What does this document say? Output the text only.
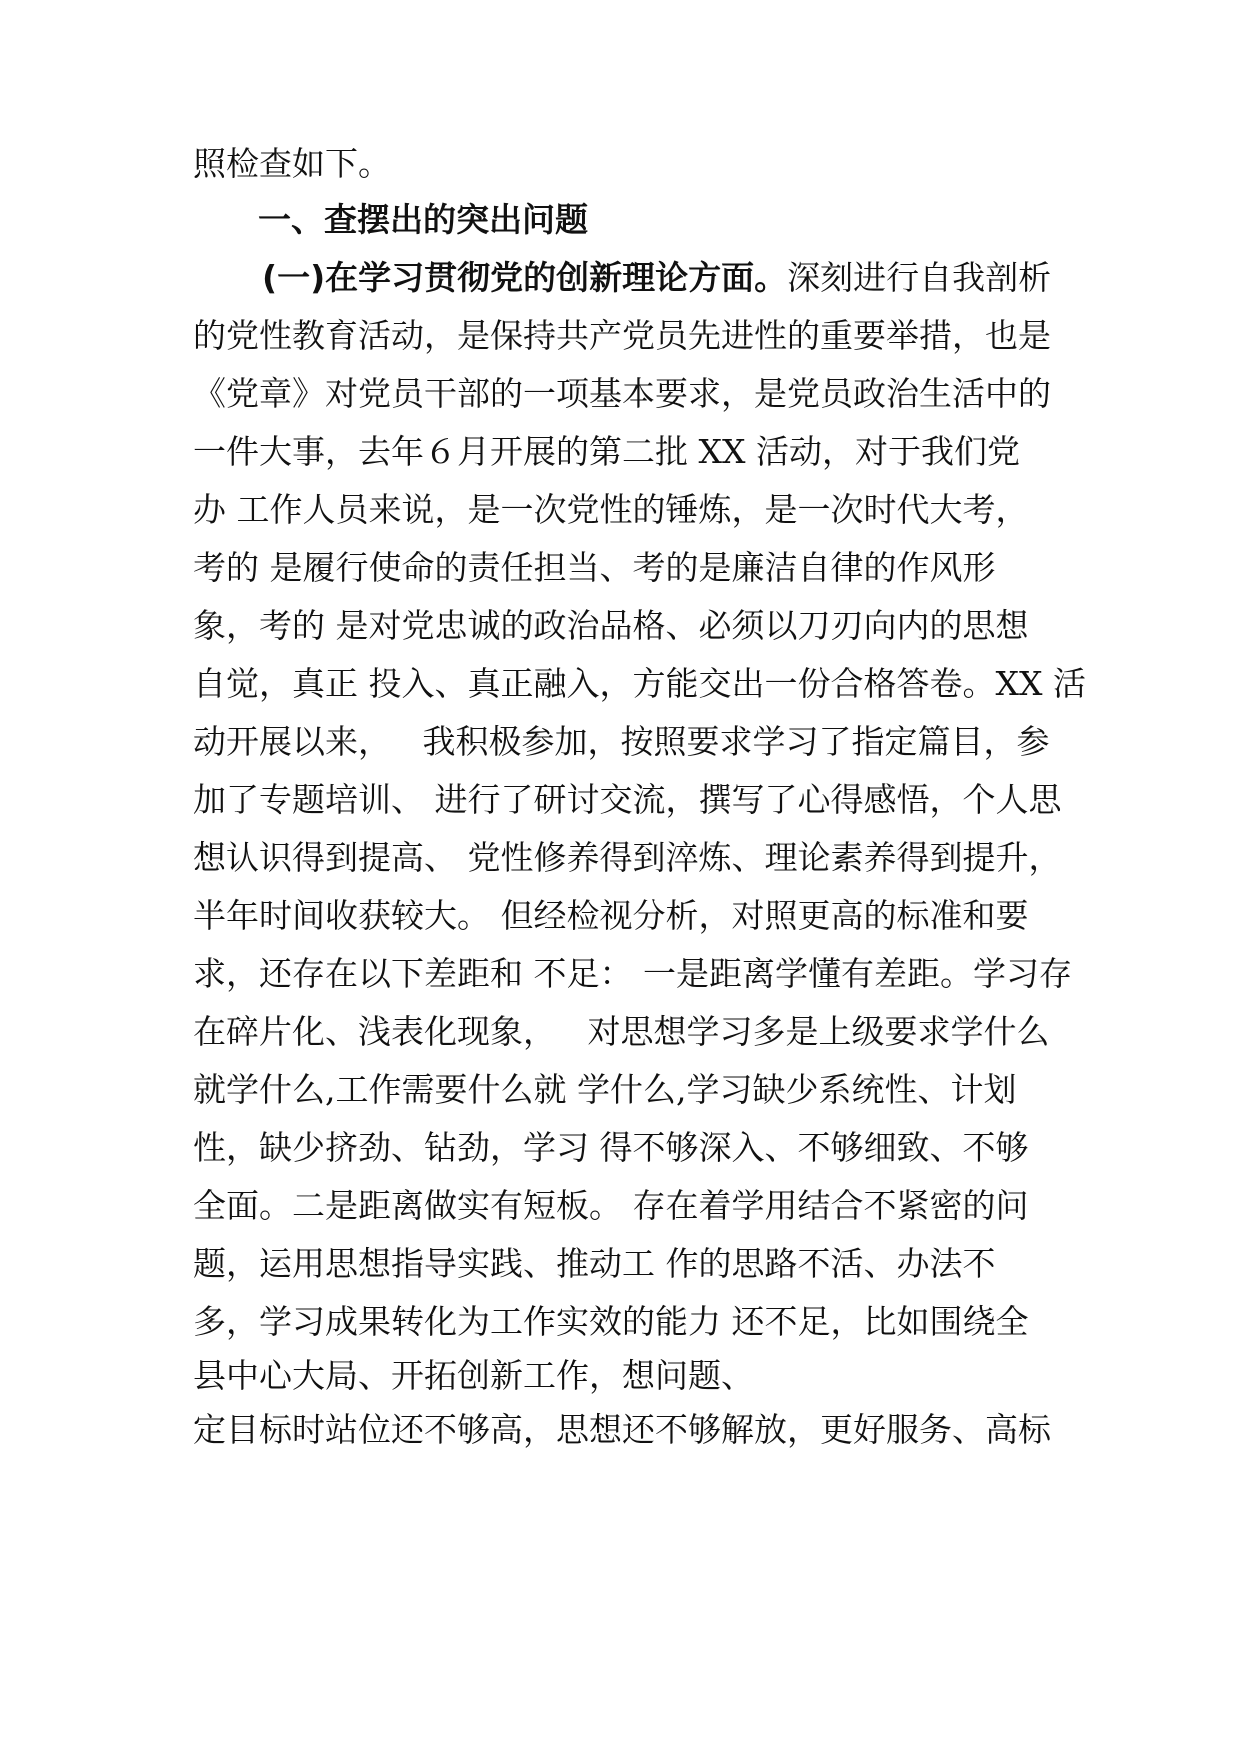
照检查如下。
一、查摆出的突出问题
(一)在学习贯彻党的创新理论方面。深刻进行自我剖析
的党性教育活动，是保持共产党员先进性的重要举措，也是
《党章》对党员干部的一项基本要求，是党员政治生活中的
一件大事，去年６月开展的第二批 XX 活动，对于我们党
办 工作人员来说，是一次党性的锤炼，是一次时代大考，
考的 是履行使命的责任担当、考的是廉洁自律的作风形
象，考的 是对党忠诚的政治品格、必须以刀刃向内的思想
自觉，真正 投入、真正融入，方能交出一份合格答卷。XX 活
动开展以来，   我积极参加，按照要求学习了指定篇目，参
加了专题培训、 进行了研讨交流，撰写了心得感悟，个人思
想认识得到提高、 党性修养得到淬炼、理论素养得到提升，
半年时间收获较大。 但经检视分析，对照更高的标准和要
求，还存在以下差距和 不足： 一是距离学懂有差距。学习存
在碎片化、浅表化现象，   对思想学习多是上级要求学什么
就学什么,工作需要什么就 学什么,学习缺少系统性、计划
性，缺少挤劲、钻劲，学习 得不够深入、不够细致、不够
全面。二是距离做实有短板。 存在着学用结合不紧密的问
题，运用思想指导实践、推动工 作的思路不活、办法不
多，学习成果转化为工作实效的能力 还不足，比如围绕全
县中心大局、开拓创新工作，想问题、
定目标时站位还不够高，思想还不够解放，更好服务、高标
